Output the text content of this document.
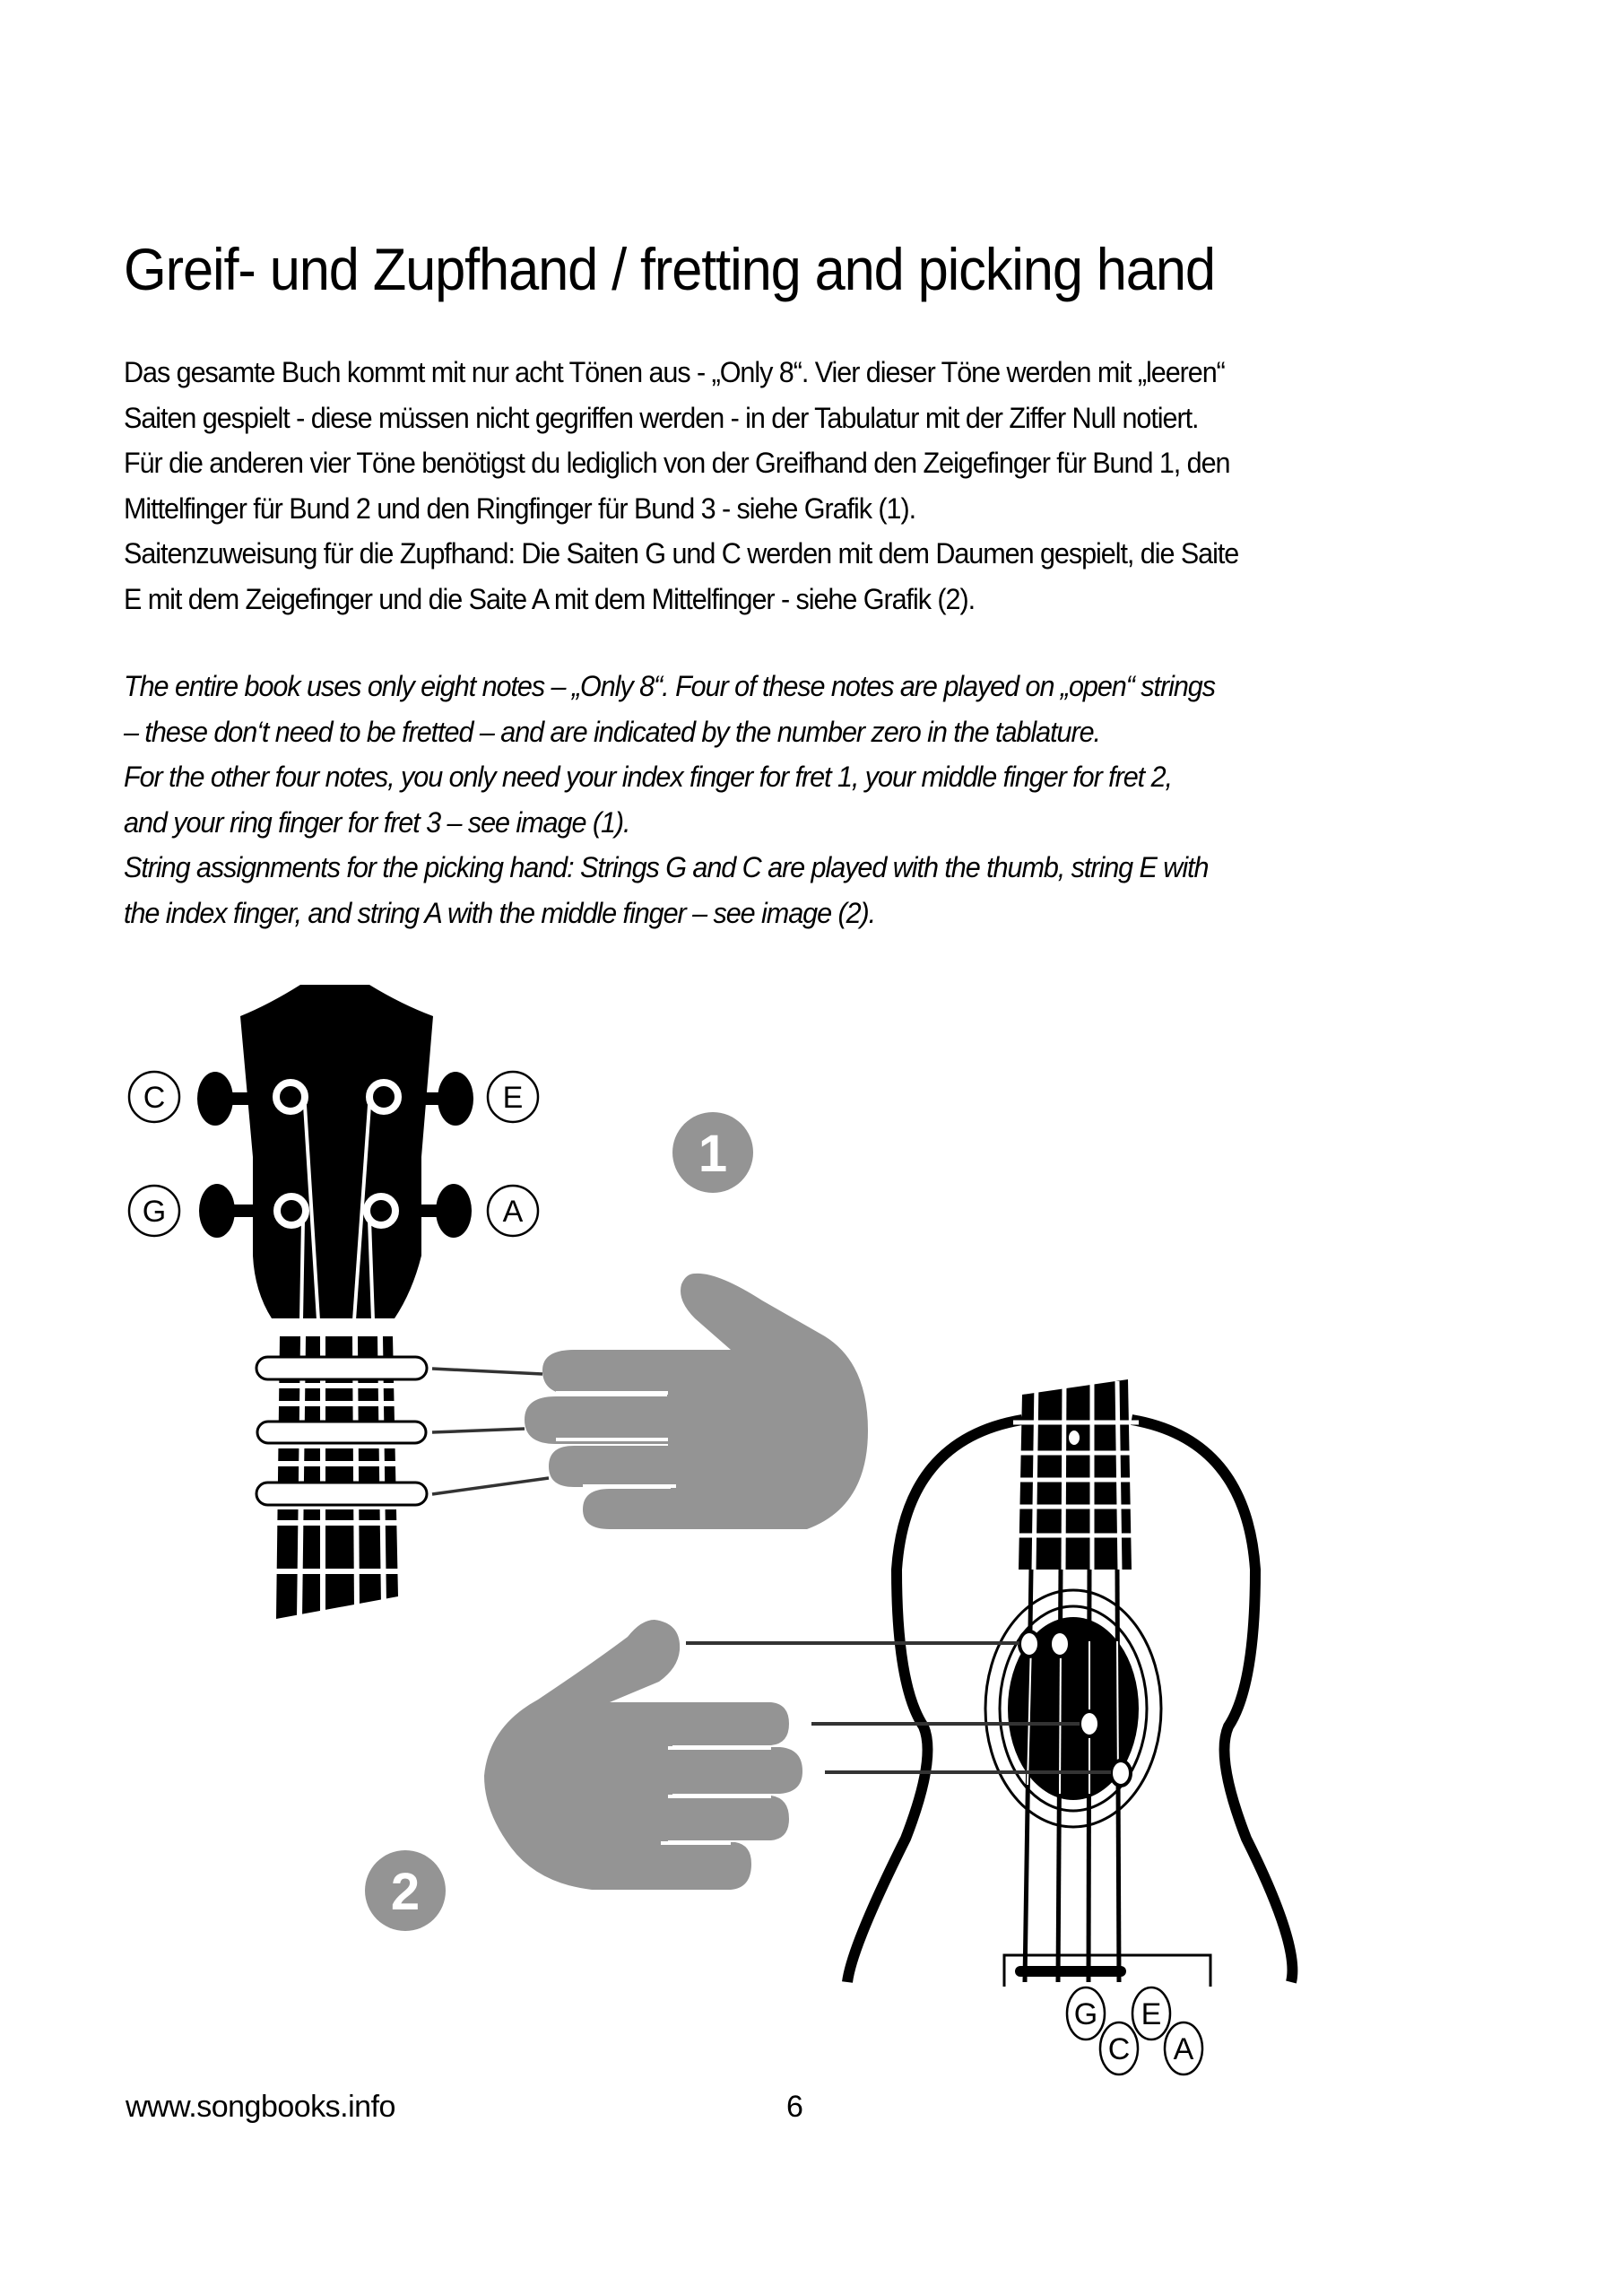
Greif- und Zupfhand / fretting and picking hand

Das gesamte Buch kommt mit nur acht Tönen aus - „Only 8“. Vier dieser Töne werden mit „leeren“

Saiten gespielt - diese müssen nicht gegriffen werden - in der Tabulatur mit der Ziffer Null notiert.

Für die anderen vier Töne benötigst du lediglich von der Greifhand den Zeigefinger für Bund 1, den

Mittelfinger für Bund 2 und den Ringfinger für Bund 3 - siehe Grafik (1).

Saitenzuweisung für die Zupfhand: Die Saiten G und C werden mit dem Daumen gespielt, die Saite

E mit dem Zeigefinger und die Saite A mit dem Mittelfinger - siehe Grafik (2).

The entire book uses only eight notes – „Only 8“. Four of these notes are played on „open“ strings

– these don‘t need to be fretted – and are indicated by the number zero in the tablature.

For the other four notes, you only need your index finger for fret 1, your middle finger for fret 2,

and your ring finger for fret 3 – see image (1).

String assignments for the picking hand: Strings G and C are played with the thumb, string E with

the index finger, and string A with the middle finger – see image (2).

C	E
G	A
1
G
C
E
A
2
www.songbooks.info	6
